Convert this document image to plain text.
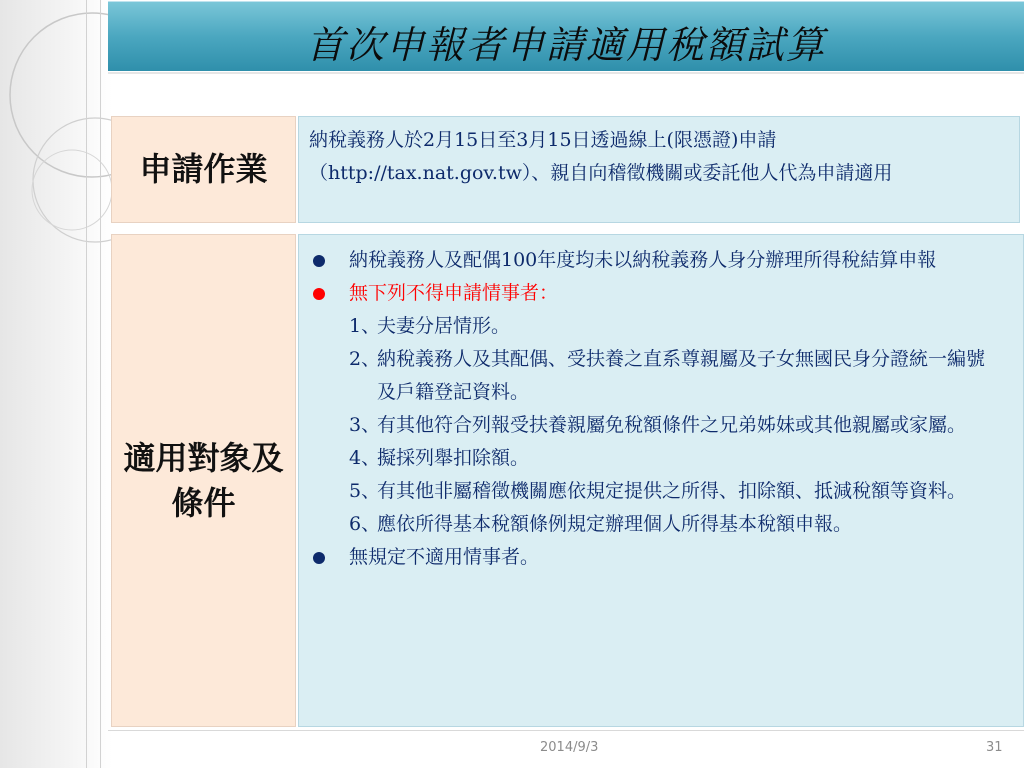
首次申報者申請適用稅額試算
申請作業
納稅義務人於2月15日至3月15日透過線上(限憑證)申請（http://tax.nat.gov.tw）、親自向稽徵機關或委託他人代為申請適用
適用對象及條件
納稅義務人及配偶100年度均未以納稅義務人身分辦理所得稅結算申報
無下列不得申請情事者：
1、
夫妻分居情形。
2、
納稅義務人及其配偶、受扶養之直系尊親屬及子女無國民身分證統一編號及戶籍登記資料。
3、
有其他符合列報受扶養親屬免稅額條件之兄弟姊妹或其他親屬或家屬。
4、
擬採列舉扣除額。
5、
有其他非屬稽徵機關應依規定提供之所得、扣除額、抵減稅額等資料。
6、
應依所得基本稅額條例規定辦理個人所得基本稅額申報。
無規定不適用情事者。
2014/9/3	31
